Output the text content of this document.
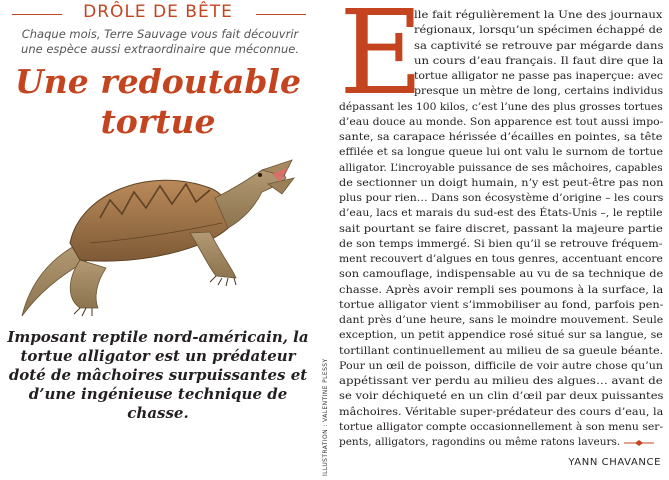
DRÔLE DE BÊTE
Chaque mois, Terre Sauvage vous fait découvrir une espèce aussi extraordinaire que méconnue.
Une redoutable
tortue
Imposant reptile nord-américain, la tortue alligator est un prédateur doté de mâchoires surpuissantes et d’une ingénieuse technique de chasse.	ILLUSTRATION : VALENTINE PLESSY
E
lle fait régulièrement la Une des journaux
régionaux, lorsqu’un spécimen échappé de
sa captivité se retrouve par mégarde dans
un cours d’eau français. Il faut dire que la
tortue alligator ne passe pas inaperçue: avec
presque un mètre de long, certains individus
dépassant les 100 kilos, c’est l’une des plus grosses tortues
d’eau douce au monde. Son apparence est tout aussi impo-
sante, sa carapace hérissée d’écailles en pointes, sa tête
effilée et sa longue queue lui ont valu le surnom de tortue
alligator. L’incroyable puissance de ses mâchoires, capables
de sectionner un doigt humain, n’y est peut-être pas non
plus pour rien… Dans son écosystème d’origine – les cours
d’eau, lacs et marais du sud-est des États-Unis –, le reptile
sait pourtant se faire discret, passant la majeure partie
de son temps immergé. Si bien qu’il se retrouve fréquem-
ment recouvert d’algues en tous genres, accentuant encore
son camouflage, indispensable au vu de sa technique de
chasse. Après avoir rempli ses poumons à la surface, la
tortue alligator vient s’immobiliser au fond, parfois pen-
dant près d’une heure, sans le moindre mouvement. Seule
exception, un petit appendice rosé situé sur sa langue, se
tortillant continuellement au milieu de sa gueule béante.
Pour un œil de poisson, difficile de voir autre chose qu’un
appétissant ver perdu au milieu des algues… avant de
se voir déchiqueté en un clin d’œil par deux puissantes
mâchoires. Véritable super-prédateur des cours d’eau, la
tortue alligator compte occasionnellement à son menu ser-
pents, alligators, ragondins ou même ratons laveurs.
YANN CHAVANCE
